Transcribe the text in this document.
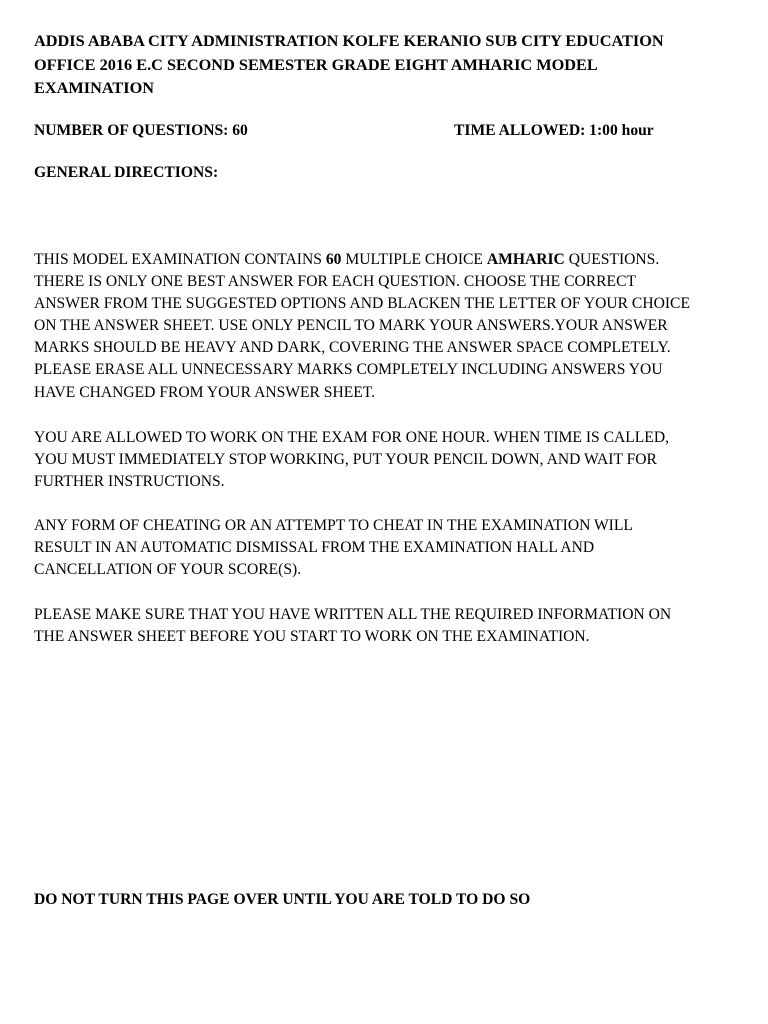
ADDIS ABABA CITY ADMINISTRATION KOLFE KERANIO SUB CITY EDUCATION
OFFICE 2016 E.C SECOND SEMESTER GRADE EIGHT AMHARIC MODEL
EXAMINATION
NUMBER OF QUESTIONS: 60	TIME ALLOWED: 1:00 hour
GENERAL DIRECTIONS:

THIS MODEL EXAMINATION CONTAINS 60 MULTIPLE CHOICE AMHARIC QUESTIONS.
THERE IS ONLY ONE BEST ANSWER FOR EACH QUESTION. CHOOSE THE CORRECT
ANSWER FROM THE SUGGESTED OPTIONS AND BLACKEN THE LETTER OF YOUR CHOICE
ON THE ANSWER SHEET. USE ONLY PENCIL TO MARK YOUR ANSWERS.YOUR ANSWER
MARKS SHOULD BE HEAVY AND DARK, COVERING THE ANSWER SPACE COMPLETELY.
PLEASE ERASE ALL UNNECESSARY MARKS COMPLETELY INCLUDING ANSWERS YOU
HAVE CHANGED FROM YOUR ANSWER SHEET.

YOU ARE ALLOWED TO WORK ON THE EXAM FOR ONE HOUR. WHEN TIME IS CALLED,
YOU MUST IMMEDIATELY STOP WORKING, PUT YOUR PENCIL DOWN, AND WAIT FOR
FURTHER INSTRUCTIONS.

ANY FORM OF CHEATING OR AN ATTEMPT TO CHEAT IN THE EXAMINATION WILL
RESULT IN AN AUTOMATIC DISMISSAL FROM THE EXAMINATION HALL AND
CANCELLATION OF YOUR SCORE(S).

PLEASE MAKE SURE THAT YOU HAVE WRITTEN ALL THE REQUIRED INFORMATION ON
THE ANSWER SHEET BEFORE YOU START TO WORK ON THE EXAMINATION.

DO NOT TURN THIS PAGE OVER UNTIL YOU ARE TOLD TO DO SO
